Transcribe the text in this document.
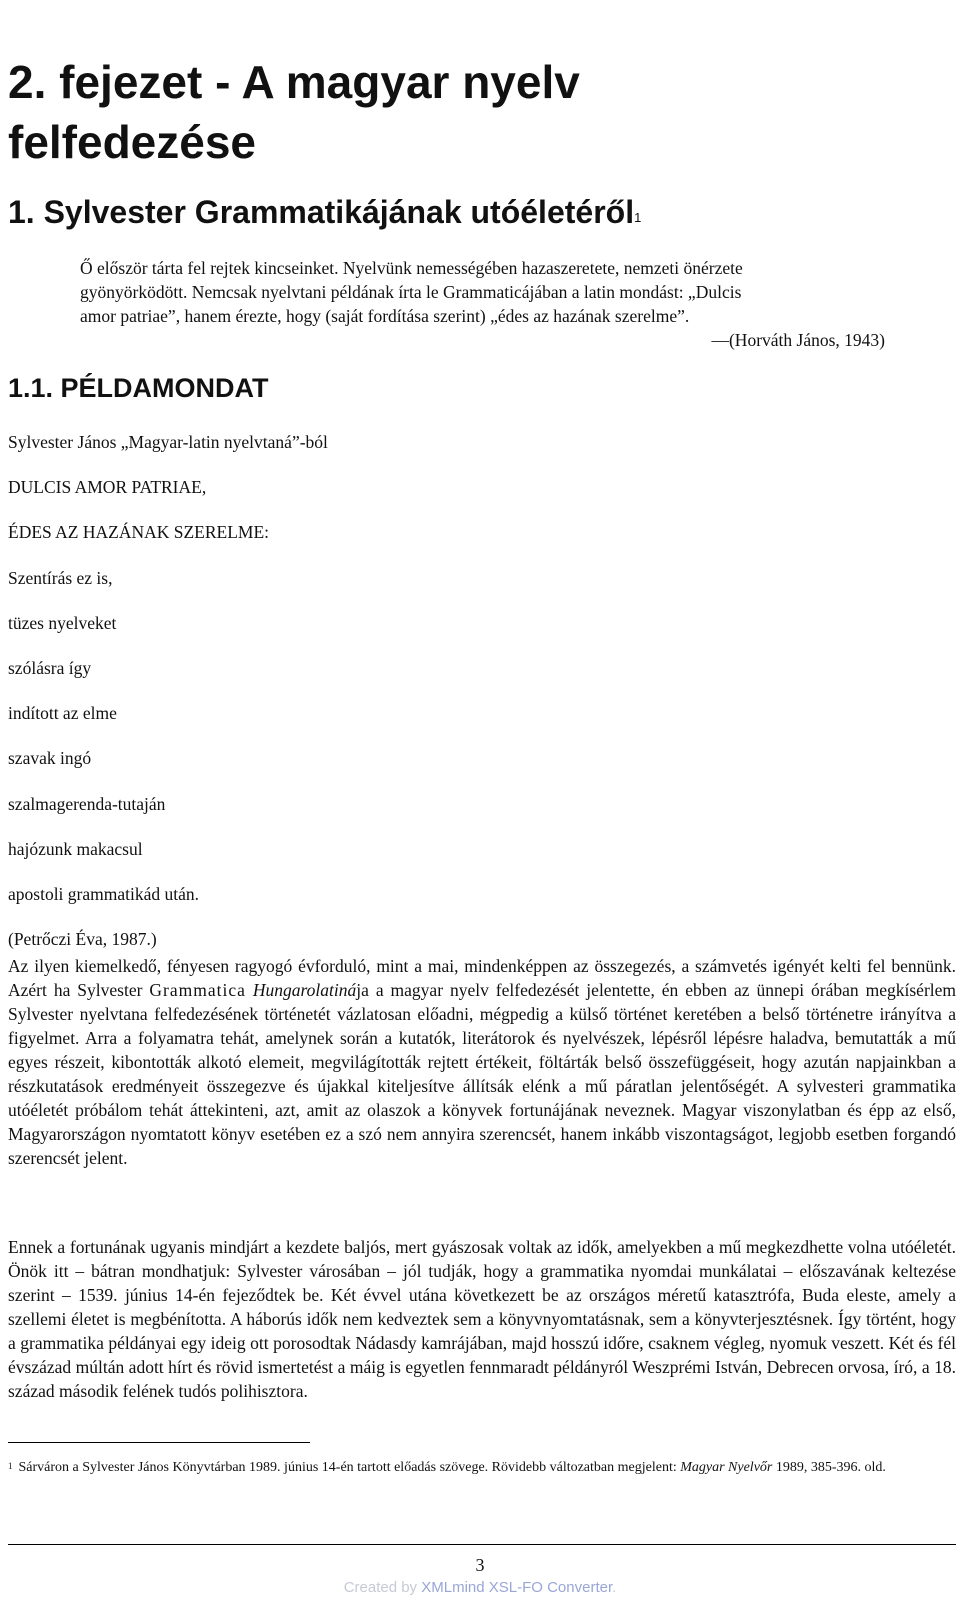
2. fejezet - A magyar nyelv
felfedezése
1. Sylvester Grammatikájának utóéletéről$^1$
Ő először tárta fel rejtek kincseinket. Nyelvünk nemességében hazaszeretete, nemzeti önérzete
gyönyörködött. Nemcsak nyelvtani példának írta le Grammaticájában a latin mondást: „Dulcis
amor patriae”, hanem érezte, hogy (saját fordítása szerint) „édes az hazának szerelme”.
—(Horváth János, 1943)
1.1. PÉLDAMONDAT
Sylvester János „Magyar-latin nyelvtaná”-ból
DULCIS AMOR PATRIAE,
ÉDES AZ HAZÁNAK SZERELME:
Szentírás ez is,
tüzes nyelveket
szólásra így
indított az elme
szavak ingó
szalmagerenda-tutaján
hajózunk makacsul
apostoli grammatikád után.
(Petrőczi Éva, 1987.)

Az ilyen kiemelkedő, fényesen ragyogó évforduló, mint a mai, mindenképpen az összegezés, a számvetés igényét kelti fel bennünk. Azért ha Sylvester Grammatica Hungarolatinája a magyar nyelv felfedezését jelentette, én ebben az ünnepi órában megkísérlem Sylvester nyelvtana felfedezésének történetét vázlatosan előadni, mégpedig a külső történet keretében a belső történetre irányítva a figyelmet. Arra a folyamatra tehát, amelynek során a kutatók, literátorok és nyelvészek, lépésről lépésre haladva, bemutatták a mű egyes részeit, kibontották alkotó elemeit, megvilágították rejtett értékeit, föltárták belső összefüggéseit, hogy azután napjainkban a részkutatások eredményeit összegezve és újakkal kiteljesítve állítsák elénk a mű páratlan jelentőségét. A sylvesteri grammatika utóéletét próbálom tehát áttekinteni, azt, amit az olaszok a könyvek fortunájának neveznek. Magyar viszonylatban és épp az első, Magyarországon nyomtatott könyv esetében ez a szó nem annyira szerencsét, hanem inkább viszontagságot, legjobb esetben forgandó szerencsét jelent.

Ennek a fortunának ugyanis mindjárt a kezdete baljós, mert gyászosak voltak az idők, amelyekben a mű megkezdhette volna utóéletét. Önök itt – bátran mondhatjuk: Sylvester városában – jól tudják, hogy a grammatika nyomdai munkálatai – előszavának keltezése szerint – 1539. június 14-én fejeződtek be. Két évvel utána következett be az országos méretű katasztrófa, Buda eleste, amely a szellemi életet is megbénította. A háborús idők nem kedveztek sem a könyvnyomtatásnak, sem a könyvterjesztésnek. Így történt, hogy a grammatika példányai egy ideig ott porosodtak Nádasdy kamrájában, majd hosszú időre, csaknem végleg, nyomuk veszett. Két és fél évszázad múltán adott hírt és rövid ismertetést a máig is egyetlen fennmaradt példányról Weszprémi István, Debrecen orvosa, író, a 18. század második felének tudós polihisztora.

$^1$ Sárváron a Sylvester János Könyvtárban 1989. június 14-én tartott előadás szövege. Rövidebb változatban megjelent: Magyar Nyelvőr 1989, 385-396. old.
3
Created by XMLmind XSL-FO Converter.
